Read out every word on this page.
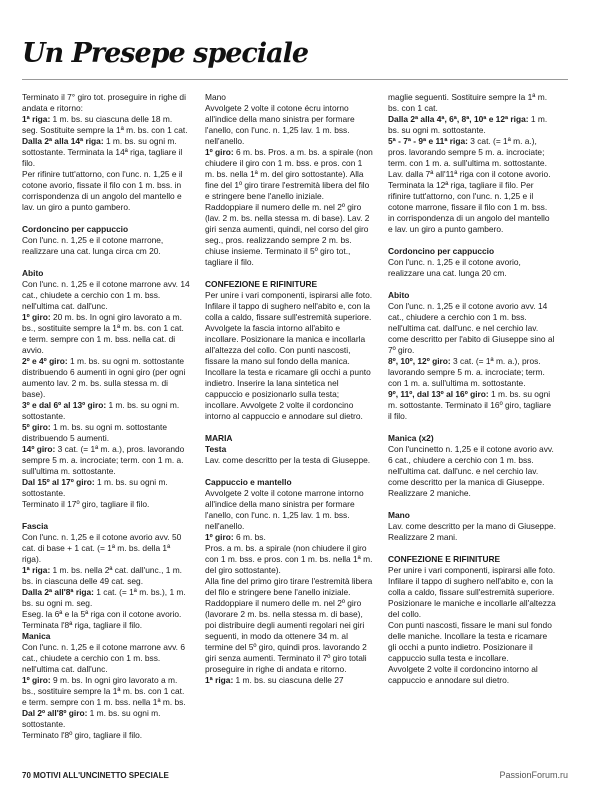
Un Presepe speciale

Terminato il 7° giro tot. proseguire in righe di andata e ritorno:

1ª riga: 1 m. bs. su ciascuna delle 18 m. seg. Sostituite sempre la 1ª m. bs. con 1 cat.

Dalla 2ª alla 14ª riga: 1 m. bs. su ogni m. sottostante. Terminata la 14ª riga, tagliare il filo.

Per rifinire tutt'attorno, con l'unc. n. 1,25 e il cotone avorio, fissate il filo con 1 m. bss. in corrispondenza di un angolo del mantello e lav. un giro a punto gambero.

Cordoncino per cappuccio

Con l'unc. n. 1,25 e il cotone marrone, realizzare una cat. lunga circa cm 20.

Abito

Con l'unc. n. 1,25 e il cotone marrone avv. 14 cat., chiudete a cerchio con 1 m. bss. nell'ultima cat. dall'unc.

1º giro: 20 m. bs. In ogni giro lavorato a m. bs., sostituite sempre la 1ª m. bs. con 1 cat. e term. sempre con 1 m. bss. nella cat. di avvio.

2º e 4º giro: 1 m. bs. su ogni m. sottostante distribuendo 6 aumenti in ogni giro (per ogni aumento lav. 2 m. bs. sulla stessa m. di base).

3º e dal 6º al 13º giro: 1 m. bs. su ogni m. sottostante.

5º giro: 1 m. bs. su ogni m. sottostante distribuendo 5 aumenti.

14º giro: 3 cat. (= 1ª m. a.), pros. lavorando sempre 5 m. a. incrociate; term. con 1 m. a. sull'ultima m. sottostante.

Dal 15º al 17º giro: 1 m. bs. su ogni m. sottostante.

Terminato il 17º giro, tagliare il filo.

Fascia

Con l'unc. n. 1,25 e il cotone avorio avv. 50 cat. di base + 1 cat. (= 1ª m. bs. della 1ª riga).

1ª riga: 1 m. bs. nella 2ª cat. dall'unc., 1 m. bs. in ciascuna delle 49 cat. seg.

Dalla 2ª all'8ª riga: 1 cat. (= 1ª m. bs.), 1 m. bs. su ogni m. seg.

Eseg. la 6ª e la 5ª riga con il cotone avorio. Terminata l'8ª riga, tagliare il filo.

Manica

Con l'unc. n. 1,25 e il cotone marrone avv. 6 cat., chiudete a cerchio con 1 m. bss. nell'ultima cat. dall'unc.

1º giro: 9 m. bs. In ogni giro lavorato a m. bs., sostituire sempre la 1ª m. bs. con 1 cat. e term. sempre con 1 m. bss. nella 1ª m. bs.

Dal 2º all'8º giro: 1 m. bs. su ogni m. sottostante.

Terminato l'8º giro, tagliare il filo.

Mano

Avvolgete 2 volte il cotone écru intorno all'indice della mano sinistra per formare l'anello, con l'unc. n. 1,25 lav. 1 m. bss. nell'anello.

1º giro: 6 m. bs. Pros. a m. bs. a spirale (non chiudere il giro con 1 m. bss. e pros. con 1 m. bs. nella 1ª m. del giro sottostante). Alla fine del 1º giro tirare l'estremità libera del filo e stringere bene l'anello iniziale.

Raddoppiare il numero delle m. nel 2º giro (lav. 2 m. bs. nella stessa m. di base). Lav. 2 giri senza aumenti, quindi, nel corso del giro seg., pros. realizzando sempre 2 m. bs. chiuse insieme. Terminato il 5º giro tot., tagliare il filo.

CONFEZIONE E RIFINITURE

Per unire i vari componenti, ispirarsi alle foto. Infilare il tappo di sughero nell'abito e, con la colla a caldo, fissare sull'estremità superiore. Avvolgete la fascia intorno all'abito e incollare. Posizionare la manica e incollarla all'altezza del collo. Con punti nascosti, fissare la mano sul fondo della manica. Incollare la testa e ricamare gli occhi a punto indietro. Inserire la lana sintetica nel cappuccio e posizionarlo sulla testa; incollare. Avvolgete 2 volte il cordoncino intorno al cappuccio e annodare sul dietro.

MARIA

Testa

Lav. come descritto per la testa di Giuseppe.

Cappuccio e mantello

Avvolgete 2 volte il cotone marrone intorno all'indice della mano sinistra per formare l'anello, con l'unc. n. 1,25 lav. 1 m. bss. nell'anello.

1º giro: 6 m. bs.

Pros. a m. bs. a spirale (non chiudere il giro con 1 m. bss. e pros. con 1 m. bs. nella 1ª m. del giro sottostante).

Alla fine del primo giro tirare l'estremità libera del filo e stringere bene l'anello iniziale. Raddoppiare il numero delle m. nel 2º giro (lavorare 2 m. bs. nella stessa m. di base), poi distribuire degli aumenti regolari nei giri seguenti, in modo da ottenere 34 m. al termine del 5º giro, quindi pros. lavorando 2 giri senza aumenti. Terminato il 7º giro totali proseguire in righe di andata e ritorno.

1ª riga: 1 m. bs. su ciascuna delle 27

maglie seguenti. Sostituire sempre la 1ª m. bs. con 1 cat.

Dalla 2ª alla 4ª, 6ª, 8ª, 10ª e 12ª riga: 1 m. bs. su ogni m. sottostante.

5ª - 7ª - 9ª e 11ª riga: 3 cat. (= 1ª m. a.), pros. lavorando sempre 5 m. a. incrociate; term. con 1 m. a. sull'ultima m. sottostante.

Lav. dalla 7ª all'11ª riga con il cotone avorio. Terminata la 12ª riga, tagliare il filo. Per rifinire tutt'attorno, con l'unc. n. 1,25 e il cotone marrone, fissare il filo con 1 m. bss. in corrispondenza di un angolo del mantello e lav. un giro a punto gambero.

Cordoncino per cappuccio

Con l'unc. n. 1,25 e il cotone avorio, realizzare una cat. lunga 20 cm.

Abito

Con l'unc. n. 1,25 e il cotone avorio avv. 14 cat., chiudere a cerchio con 1 m. bss. nell'ultima cat. dall'unc. e nel cerchio lav. come descritto per l'abito di Giuseppe sino al 7º giro.

8º, 10º, 12º giro: 3 cat. (= 1ª m. a.), pros. lavorando sempre 5 m. a. incrociate; term. con 1 m. a. sull'ultima m. sottostante.

9º, 11º, dal 13º al 16º giro: 1 m. bs. su ogni m. sottostante. Terminato il 16º giro, tagliare il filo.

Manica (x2)

Con l'uncinetto n. 1,25 e il cotone avorio avv. 6 cat., chiudere a cerchio con 1 m. bss. nell'ultima cat. dall'unc. e nel cerchio lav. come descritto per la manica di Giuseppe.

Realizzare 2 maniche.

Mano

Lav. come descritto per la mano di Giuseppe. Realizzare 2 mani.

CONFEZIONE E RIFINITURE

Per unire i vari componenti, ispirarsi alle foto. Infilare il tappo di sughero nell'abito e, con la colla a caldo, fissare sull'estremità superiore.

Posizionare le maniche e incollarle all'altezza del collo.

Con punti nascosti, fissare le mani sul fondo delle maniche. Incollare la testa e ricamare gli occhi a punto indietro. Posizionare il cappuccio sulla testa e incollare.

Avvolgete 2 volte il cordoncino intorno al cappuccio e annodare sul dietro.

70 MOTIVI ALL'UNCINETTO SPECIALE	PassionForum.ru
